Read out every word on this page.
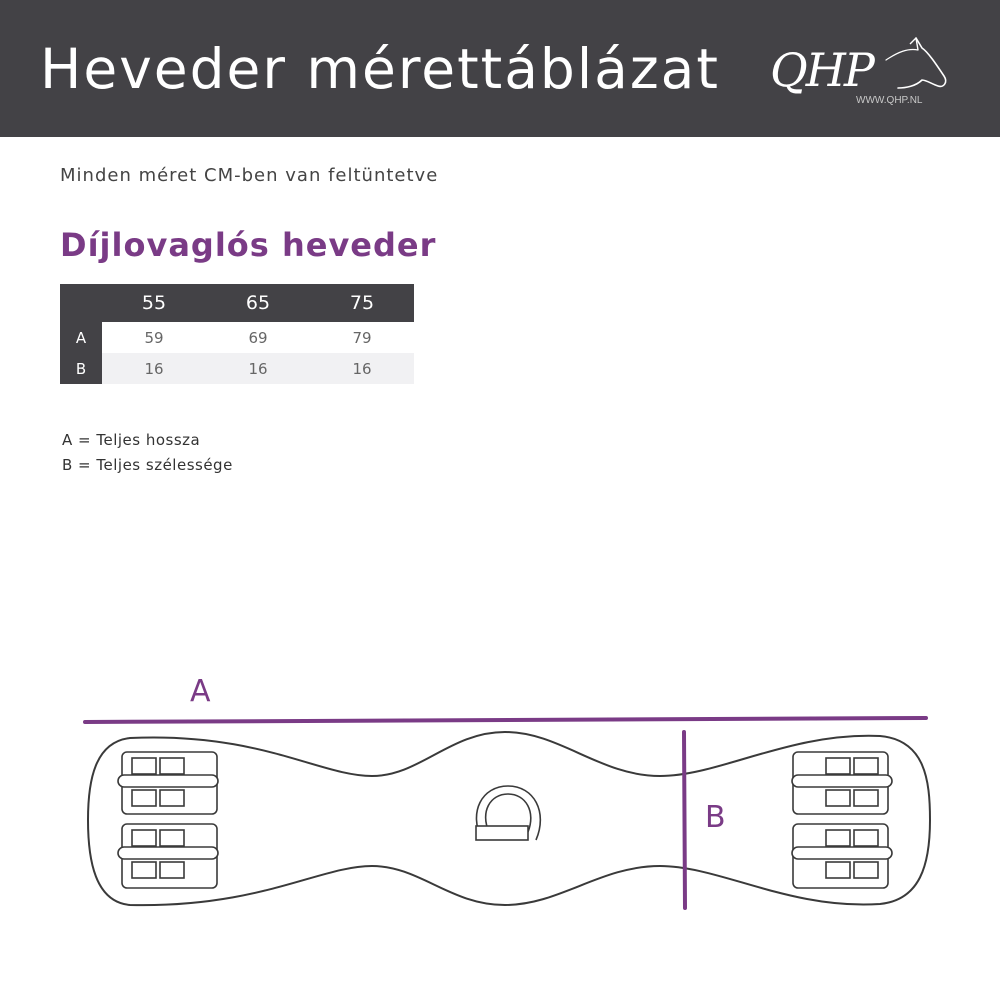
Heveder mérettáblázat QHP
WWW.QHP.NL
Minden méret CM-ben van feltüntetve
Díjlovaglós heveder
	55	65	75
A	59	69	79
B	16	16	16
A = Teljes hossza
B = Teljes szélessége
A
B
